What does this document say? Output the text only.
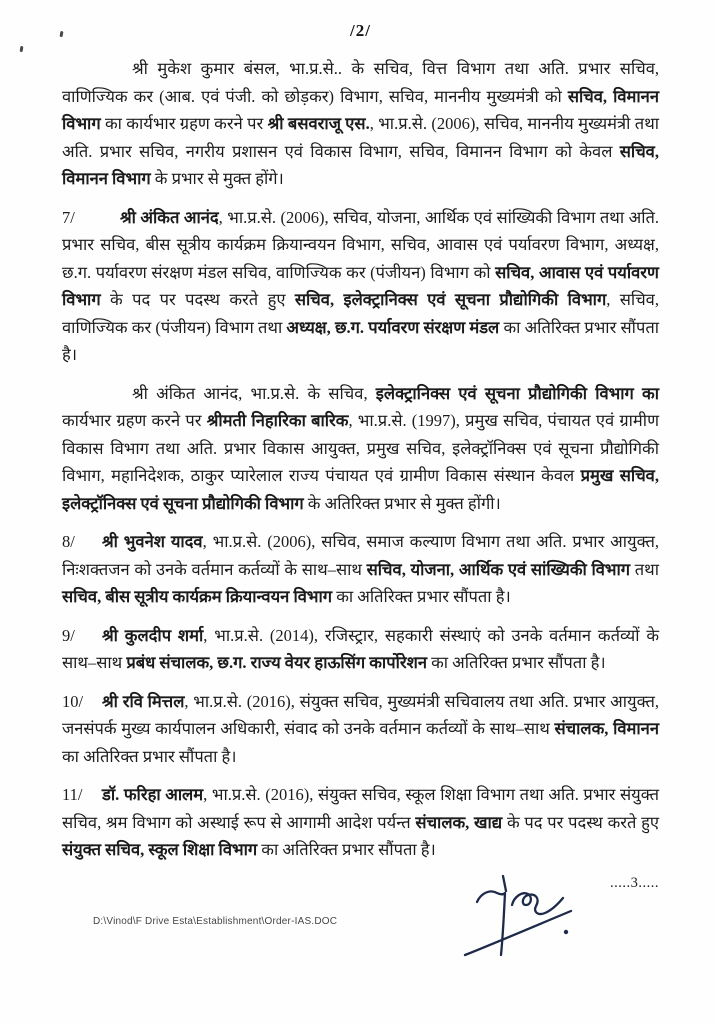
/2/

श्री मुकेश कुमार बंसल, भा.प्र.से.. के सचिव, वित्त विभाग तथा अति. प्रभार सचिव, वाणिज्यिक कर (आब. एवं पंजी. को छोड़कर) विभाग, सचिव, माननीय मुख्यमंत्री को सचिव, विमानन विभाग का कार्यभार ग्रहण करने पर श्री बसवराजू एस., भा.प्र.से. (2006), सचिव, माननीय मुख्यमंत्री तथा अति. प्रभार सचिव, नगरीय प्रशासन एवं विकास विभाग, सचिव, विमानन विभाग को केवल सचिव, विमानन विभाग के प्रभार से मुक्त होंगे।

7/	श्री अंकित आनंद, भा.प्र.से. (2006), सचिव, योजना, आर्थिक एवं सांख्यिकी विभाग तथा अति. प्रभार सचिव, बीस सूत्रीय कार्यक्रम क्रियान्वयन विभाग, सचिव, आवास एवं पर्यावरण विभाग, अध्यक्ष, छ.ग. पर्यावरण संरक्षण मंडल सचिव, वाणिज्यिक कर (पंजीयन) विभाग को सचिव, आवास एवं पर्यावरण विभाग के पद पर पदस्थ करते हुए सचिव, इलेक्ट्रानिक्स एवं सूचना प्रौद्योगिकी विभाग, सचिव, वाणिज्यिक कर (पंजीयन) विभाग तथा अध्यक्ष, छ.ग. पर्यावरण संरक्षण मंडल का अतिरिक्त प्रभार सौंपता है।

श्री अंकित आनंद, भा.प्र.से. के सचिव, इलेक्ट्रानिक्स एवं सूचना प्रौद्योगिकी विभाग का कार्यभार ग्रहण करने पर श्रीमती निहारिका बारिक, भा.प्र.से. (1997), प्रमुख सचिव, पंचायत एवं ग्रामीण विकास विभाग तथा अति. प्रभार विकास आयुक्त, प्रमुख सचिव, इलेक्ट्रॉनिक्स एवं सूचना प्रौद्योगिकी विभाग, महानिदेशक, ठाकुर प्यारेलाल राज्य पंचायत एवं ग्रामीण विकास संस्थान केवल प्रमुख सचिव, इलेक्ट्रॉनिक्स एवं सूचना प्रौद्योगिकी विभाग के अतिरिक्त प्रभार से मुक्त होंगी।

8/ श्री भुवनेश यादव, भा.प्र.से. (2006), सचिव, समाज कल्याण विभाग तथा अति. प्रभार आयुक्त, निःशक्तजन को उनके वर्तमान कर्तव्यों के साथ–साथ सचिव, योजना, आर्थिक एवं सांख्यिकी विभाग तथा सचिव, बीस सूत्रीय कार्यक्रम क्रियान्वयन विभाग का अतिरिक्त प्रभार सौंपता है।

9/ श्री कुलदीप शर्मा, भा.प्र.से. (2014), रजिस्ट्रार, सहकारी संस्थाएं को उनके वर्तमान कर्तव्यों के साथ–साथ प्रबंध संचालक, छ.ग. राज्य वेयर हाऊसिंग कार्पोरेशन का अतिरिक्त प्रभार सौंपता है।

10/ श्री रवि मित्तल, भा.प्र.से. (2016), संयुक्त सचिव, मुख्यमंत्री सचिवालय तथा अति. प्रभार आयुक्त, जनसंपर्क मुख्य कार्यपालन अधिकारी, संवाद को उनके वर्तमान कर्तव्यों के साथ–साथ संचालक, विमानन का अतिरिक्त प्रभार सौंपता है।

11/ डॉ. फरिहा आलम, भा.प्र.से. (2016), संयुक्त सचिव, स्कूल शिक्षा विभाग तथा अति. प्रभार संयुक्त सचिव, श्रम विभाग को अस्थाई रूप से आगामी आदेश पर्यन्त संचालक, खाद्य के पद पर पदस्थ करते हुए संयुक्त सचिव, स्कूल शिक्षा विभाग का अतिरिक्त प्रभार सौंपता है।

.....3.....
D:\Vinod\F Drive Esta\Establishment\Order-IAS.DOC
